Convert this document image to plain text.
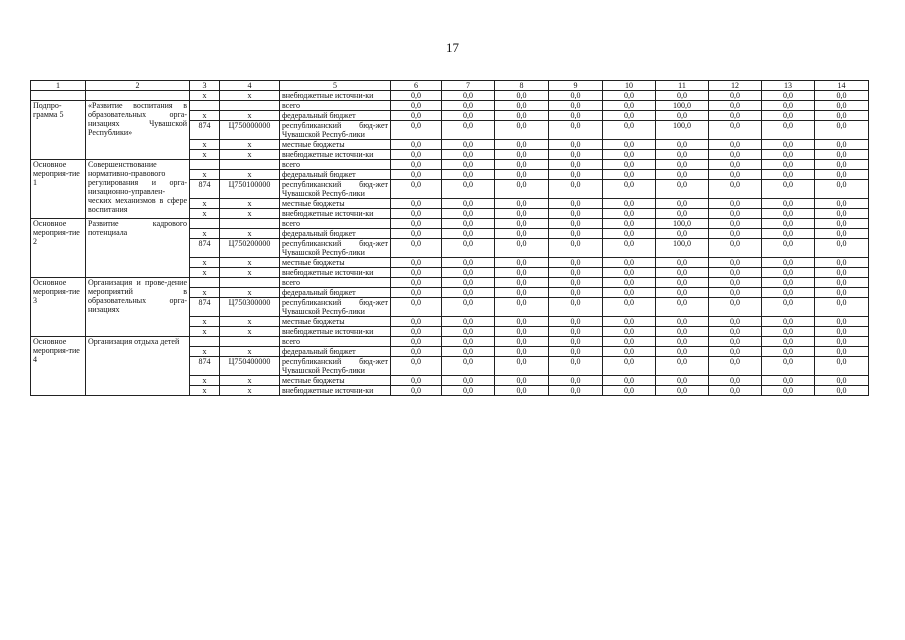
17
1	2	3	4	5	6	7	8	9	10	11	12	13	14
		x	x	внебюджетные источни-ки	0,0	0,0	0,0	0,0	0,0	0,0	0,0	0,0	0,0
Подпро-грамма 5	«Развитие воспитания в образовательных орга-низациях Чувашской Республики»			всего	0,0	0,0	0,0	0,0	0,0	100,0	0,0	0,0	0,0
		x	x	федеральный бюджет	0,0	0,0	0,0	0,0	0,0	0,0	0,0	0,0	0,0
		874	Ц750000000	республиканский бюд-жет Чувашской Респуб-лики	0,0	0,0	0,0	0,0	0,0	100,0	0,0	0,0	0,0
		x	x	местные бюджеты	0,0	0,0	0,0	0,0	0,0	0,0	0,0	0,0	0,0
		x	x	внебюджетные источни-ки	0,0	0,0	0,0	0,0	0,0	0,0	0,0	0,0	0,0
Основное мероприя-тие 1	Совершенствование нормативно-правового регулирования и орга-низационно-управлен-ческих механизмов в сфере воспитания			всего	0,0	0,0	0,0	0,0	0,0	0,0	0,0	0,0	0,0
		x	x	федеральный бюджет	0,0	0,0	0,0	0,0	0,0	0,0	0,0	0,0	0,0
		874	Ц750100000	республиканский бюд-жет Чувашской Респуб-лики	0,0	0,0	0,0	0,0	0,0	0,0	0,0	0,0	0,0
		x	x	местные бюджеты	0,0	0,0	0,0	0,0	0,0	0,0	0,0	0,0	0,0
		x	x	внебюджетные источни-ки	0,0	0,0	0,0	0,0	0,0	0,0	0,0	0,0	0,0
Основное мероприя-тие 2	Развитие кадрового потенциала			всего	0,0	0,0	0,0	0,0	0,0	100,0	0,0	0,0	0,0
		x	x	федеральный бюджет	0,0	0,0	0,0	0,0	0,0	0,0	0,0	0,0	0,0
		874	Ц750200000	республиканский бюд-жет Чувашской Респуб-лики	0,0	0,0	0,0	0,0	0,0	100,0	0,0	0,0	0,0
		x	x	местные бюджеты	0,0	0,0	0,0	0,0	0,0	0,0	0,0	0,0	0,0
		x	x	внебюджетные источни-ки	0,0	0,0	0,0	0,0	0,0	0,0	0,0	0,0	0,0
Основное мероприя-тие 3	Организация и прове-дение мероприятий в образовательных орга-низациях			всего	0,0	0,0	0,0	0,0	0,0	0,0	0,0	0,0	0,0
		x	x	федеральный бюджет	0,0	0,0	0,0	0,0	0,0	0,0	0,0	0,0	0,0
		874	Ц750300000	республиканский бюд-жет Чувашской Респуб-лики	0,0	0,0	0,0	0,0	0,0	0,0	0,0	0,0	0,0
		x	x	местные бюджеты	0,0	0,0	0,0	0,0	0,0	0,0	0,0	0,0	0,0
		x	x	внебюджетные источни-ки	0,0	0,0	0,0	0,0	0,0	0,0	0,0	0,0	0,0
Основное мероприя-тие 4	Организация отдыха детей			всего	0,0	0,0	0,0	0,0	0,0	0,0	0,0	0,0	0,0
		x	x	федеральный бюджет	0,0	0,0	0,0	0,0	0,0	0,0	0,0	0,0	0,0
		874	Ц750400000	республиканский бюд-жет Чувашской Респуб-лики	0,0	0,0	0,0	0,0	0,0	0,0	0,0	0,0	0,0
		x	x	местные бюджеты	0,0	0,0	0,0	0,0	0,0	0,0	0,0	0,0	0,0
		x	x	внебюджетные источни-ки	0,0	0,0	0,0	0,0	0,0	0,0	0,0	0,0	0,0
